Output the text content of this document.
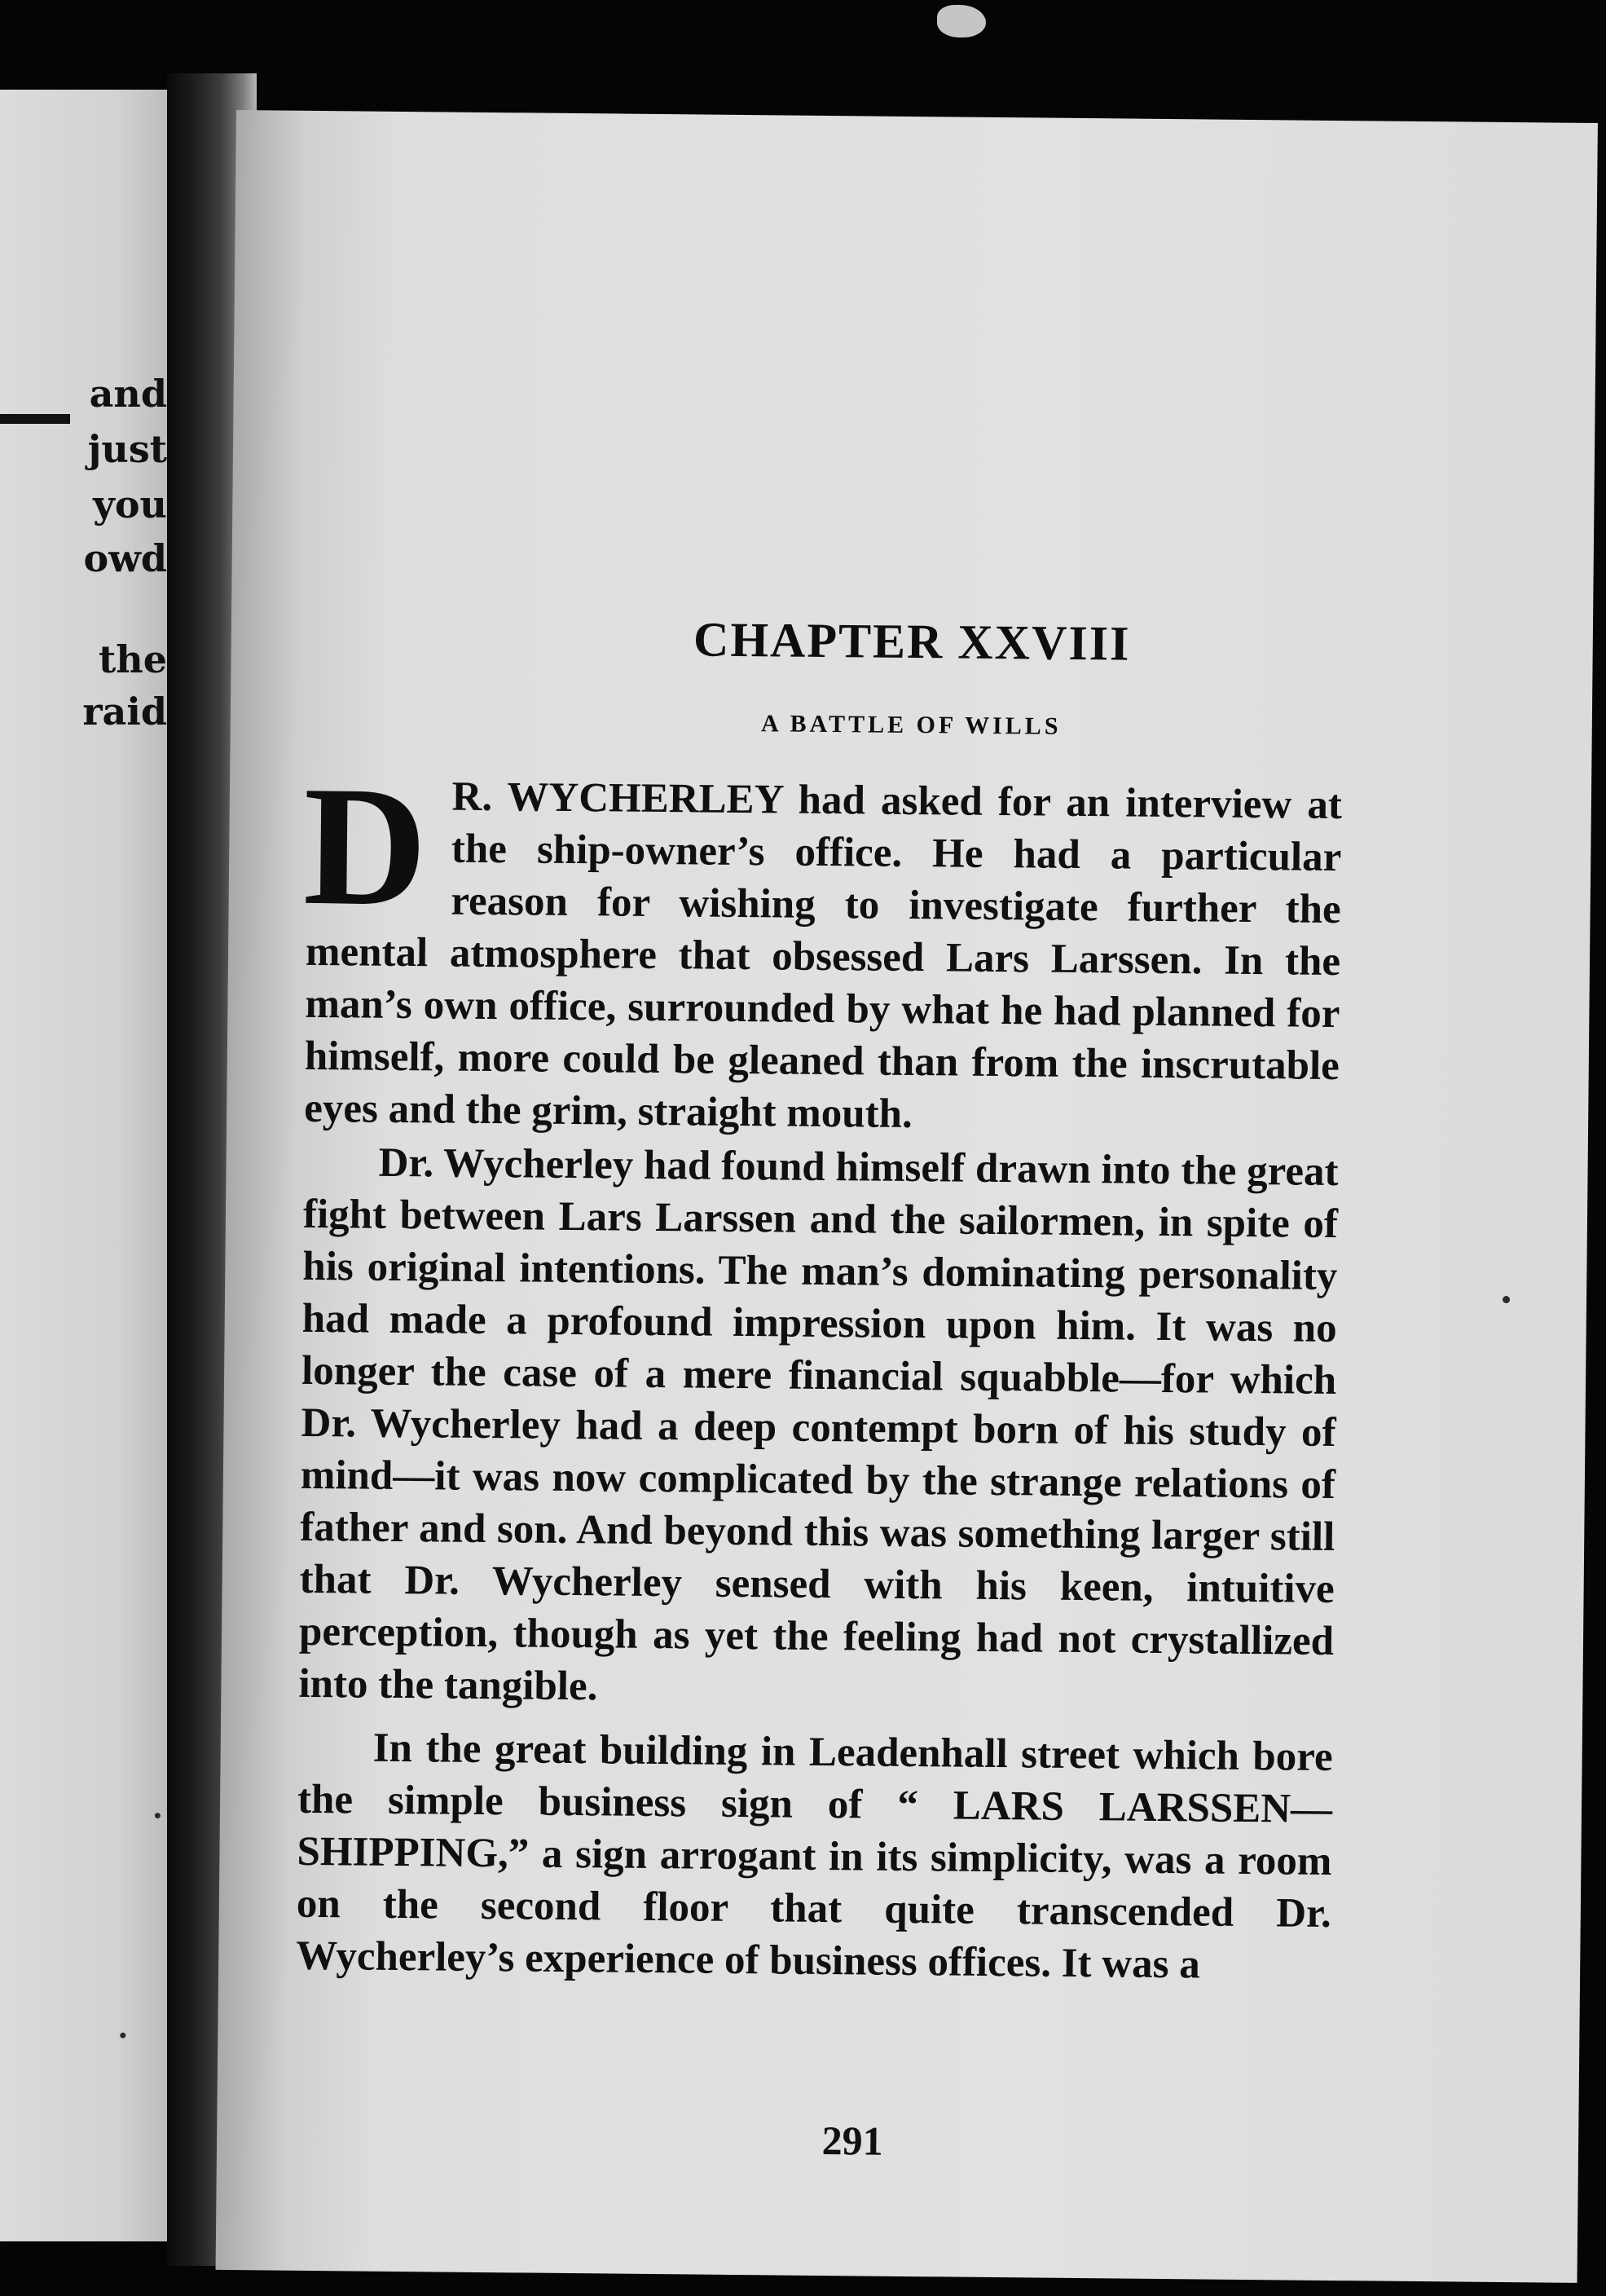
and

just

you

owd

the

raid

CHAPTER XXVIII
A BATTLE OF WILLS

D R. WYCHERLEY had asked for an interview at the ship-owner’s office. He had a particular reason for wishing to investigate further the mental atmosphere that obsessed Lars Larssen. In the man’s own office, surrounded by what he had planned for himself, more could be gleaned than from the inscrutable eyes and the grim, straight mouth.

Dr. Wycherley had found himself drawn into the great fight between Lars Larssen and the sailormen, in spite of his original intentions. The man’s dominating personality had made a profound impression upon him. It was no longer the case of a mere financial squabble—for which Dr. Wycherley had a deep contempt born of his study of mind—it was now complicated by the strange relations of father and son. And beyond this was something larger still that Dr. Wycherley sensed with his keen, intuitive perception, though as yet the feeling had not crystallized into the tangible.

In the great building in Leadenhall street which bore the simple business sign of “ LARS LARSSEN—SHIPPING,” a sign arrogant in its simplicity, was a room on the second floor that quite transcended Dr. Wycherley’s experience of business offices. It was a

291
